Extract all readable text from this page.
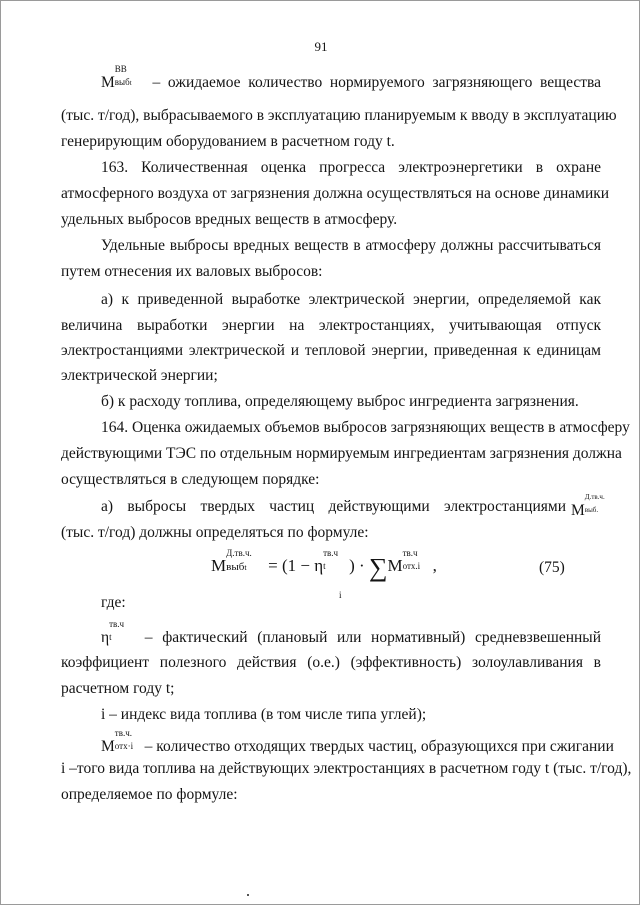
91
M
ВВ
выбt – ожидаемое количество нормируемого загрязняющего вещества
(тыс. т/год), выбрасываемого в эксплуатацию планируемым к вводу в эксплуатацию
генерирующим оборудованием в расчетном году t.
163. Количественная оценка прогресса электроэнергетики в охране
атмосферного воздуха от загрязнения должна осуществляться на основе динамики
удельных выбросов вредных веществ в атмосферу.
Удельные выбросы вредных веществ в атмосферу должны рассчитываться
путем отнесения их валовых выбросов:
а) к приведенной выработке электрической энергии, определяемой как
величина выработки энергии на электростанциях, учитывающая отпуск
электростанциями электрической и тепловой энергии, приведенная к единицам
электрической энергии;
б) к расходу топлива, определяющему выброс ингредиента загрязнения.
164. Оценка ожидаемых объемов выбросов загрязняющих веществ в атмосферу
действующими ТЭС по отдельным нормируемым ингредиентам загрязнения должна
осуществляться в следующем порядке:
а) выбросы твердых частиц действующими электростанциями M
Д.тв.ч.
выб.
(тыс. т/год) должны определяться по формуле:
M
Д.тв.ч.
выбt = (1 − η
тв.ч
t ) · ∑M
тв.ч
отх.i ,
i
(75)
где:
η
тв.ч
t – фактический (плановый или нормативный) средневзвешенный
коэффициент полезного действия (о.е.) (эффективность) золоулавливания в
расчетном году t;
i – индекс вида топлива (в том числе типа углей);
M
тв.ч.
отх·i – количество отходящих твердых частиц, образующихся при сжигании
i –того вида топлива на действующих электростанциях в расчетном году t (тыс. т/год),
определяемое по формуле:
